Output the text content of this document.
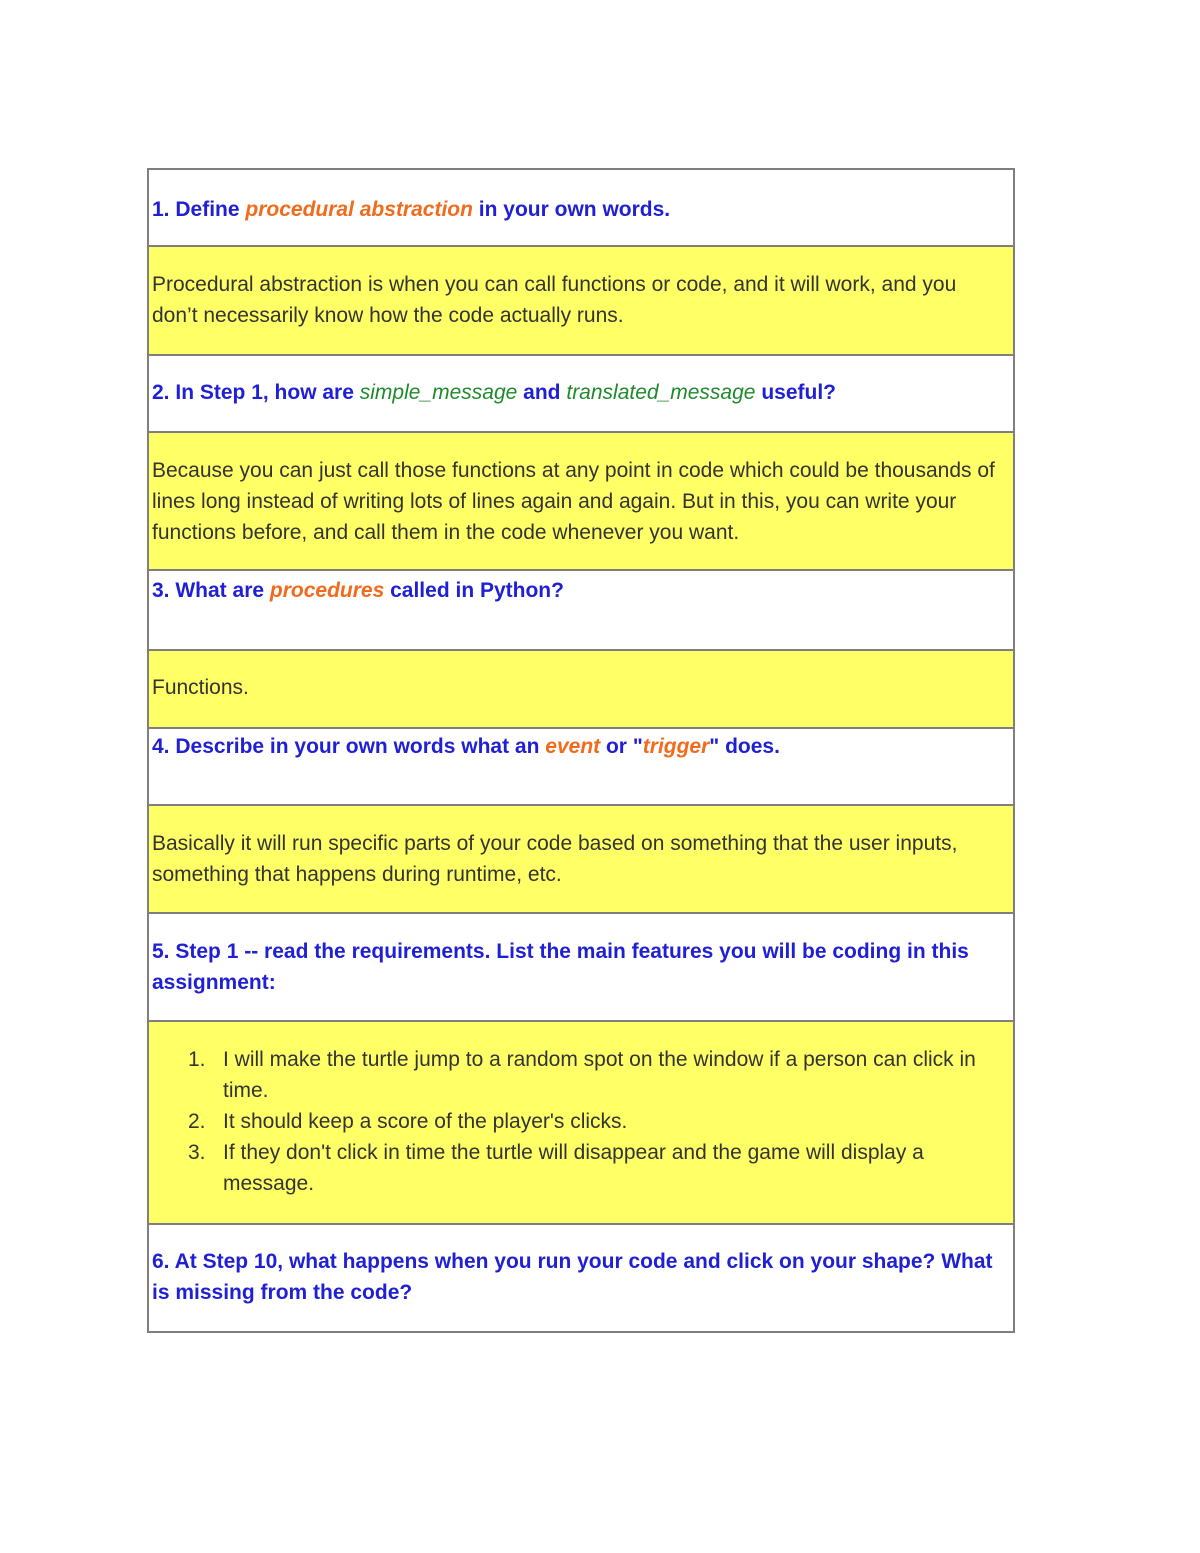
1. Define procedural abstraction in your own words.
Procedural abstraction is when you can call functions or code, and it will work, and you don’t necessarily know how the code actually runs.
2. In Step 1, how are simple_message and translated_message useful?
Because you can just call those functions at any point in code which could be thousands of lines long instead of writing lots of lines again and again. But in this, you can write your functions before, and call them in the code whenever you want.
3. What are procedures called in Python?
Functions.
4. Describe in your own words what an event or "trigger" does.
Basically it will run specific parts of your code based on something that the user inputs, something that happens during runtime, etc.
5. Step 1 -- read the requirements. List the main features you will be coding in this assignment:
1. I will make the turtle jump to a random spot on the window if a person can click in time.
2. It should keep a score of the player's clicks.
3. If they don't click in time the turtle will disappear and the game will display a message.
6. At Step 10, what happens when you run your code and click on your shape? What is missing from the code?
